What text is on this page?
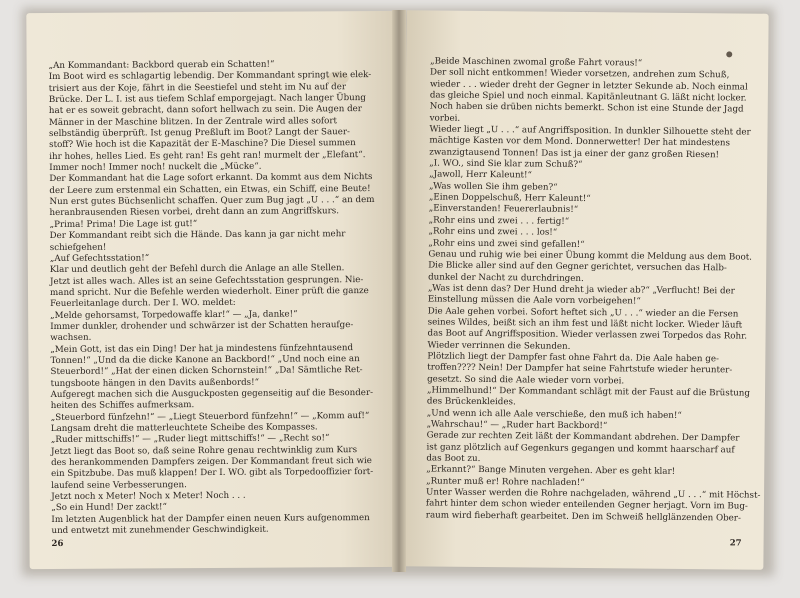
„An Kommandant: Backbord querab ein Schatten!“

Im Boot wird es schlagartig lebendig. Der Kommandant springt wie elek-

trisiert aus der Koje, fährt in die Seestiefel und steht im Nu auf der

Brücke. Der L. I. ist aus tiefem Schlaf emporgejagt. Nach langer Übung

hat er es soweit gebracht, dann sofort hellwach zu sein. Die Augen der

Männer in der Maschine blitzen. In der Zentrale wird alles sofort

selbständig überprüft. Ist genug Preßluft im Boot? Langt der Sauer-

stoff? Wie hoch ist die Kapazität der E-Maschine? Die Diesel summen

ihr hohes, helles Lied. Es geht ran! Es geht ran! murmelt der „Elefant“.

Immer noch! Immer noch! nuckelt die „Mücke“.

Der Kommandant hat die Lage sofort erkannt. Da kommt aus dem Nichts

der Leere zum erstenmal ein Schatten, ein Etwas, ein Schiff, eine Beute!

Nun erst gutes Büchsenlicht schaffen. Quer zum Bug jagt „U . . .“ an dem

heranbrausenden Riesen vorbei, dreht dann an zum Angriffskurs.

„Prima! Prima! Die Lage ist gut!“

Der Kommandant reibt sich die Hände. Das kann ja gar nicht mehr

schiefgehen!

„Auf Gefechtsstation!“

Klar und deutlich geht der Befehl durch die Anlage an alle Stellen.

Jetzt ist alles wach. Alles ist an seine Gefechtsstation gesprungen. Nie-

mand spricht. Nur die Befehle werden wiederholt. Einer prüft die ganze

Feuerleitanlage durch. Der I. WO. meldet:

„Melde gehorsamst, Torpedowaffe klar!“ — „Ja, danke!“

Immer dunkler, drohender und schwärzer ist der Schatten heraufge-

wachsen.

„Mein Gott, ist das ein Ding! Der hat ja mindestens fünfzehntausend

Tonnen!“ „Und da die dicke Kanone an Backbord!“ „Und noch eine an

Steuerbord!“ „Hat der einen dicken Schornstein!“ „Da! Sämtliche Ret-

tungsboote hängen in den Davits außenbords!“

Aufgeregt machen sich die Ausguckposten gegenseitig auf die Besonder-

heiten des Schiffes aufmerksam.

„Steuerbord fünfzehn!“ — „Liegt Steuerbord fünfzehn!“ — „Komm auf!“

Langsam dreht die matterleuchtete Scheibe des Kompasses.

„Ruder mittschiffs!“ — „Ruder liegt mittschiffs!“ — „Recht so!“

Jetzt liegt das Boot so, daß seine Rohre genau rechtwinklig zum Kurs

des herankommenden Dampfers zeigen. Der Kommandant freut sich wie

ein Spitzbube. Das muß klappen! Der I. WO. gibt als Torpedooffizier fort-

laufend seine Verbesserungen.

Jetzt noch x Meter! Noch x Meter! Noch . . .

„So ein Hund! Der zackt!“

Im letzten Augenblick hat der Dampfer einen neuen Kurs aufgenommen

und entwetzt mit zunehmender Geschwindigkeit.

26

„Beide Maschinen zwomal große Fahrt voraus!“

Der soll nicht entkommen! Wieder vorsetzen, andrehen zum Schuß,

wieder . . . wieder dreht der Gegner in letzter Sekunde ab. Noch einmal

das gleiche Spiel und noch einmal. Kapitänleutnant G. läßt nicht locker.

Noch haben sie drüben nichts bemerkt. Schon ist eine Stunde der Jagd

vorbei.

Wieder liegt „U . . .“ auf Angriffsposition. In dunkler Silhouette steht der

mächtige Kasten vor dem Mond. Donnerwetter! Der hat mindestens

zwanzigtausend Tonnen! Das ist ja einer der ganz großen Riesen!

„I. WO., sind Sie klar zum Schuß?“

„Jawoll, Herr Kaleunt!“

„Was wollen Sie ihm geben?“

„Einen Doppelschuß, Herr Kaleunt!“

„Einverstanden! Feuererlaubnis!“

„Rohr eins und zwei . . . fertig!“

„Rohr eins und zwei . . . los!“

„Rohr eins und zwei sind gefallen!“

Genau und ruhig wie bei einer Übung kommt die Meldung aus dem Boot.

Die Blicke aller sind auf den Gegner gerichtet, versuchen das Halb-

dunkel der Nacht zu durchdringen.

„Was ist denn das? Der Hund dreht ja wieder ab?“ „Verflucht! Bei der

Einstellung müssen die Aale vorn vorbeigehen!“

Die Aale gehen vorbei. Sofort heftet sich „U . . .“ wieder an die Fersen

seines Wildes, beißt sich an ihm fest und läßt nicht locker. Wieder läuft

das Boot auf Angriffsposition. Wieder verlassen zwei Torpedos das Rohr.

Wieder verrinnen die Sekunden.

Plötzlich liegt der Dampfer fast ohne Fahrt da. Die Aale haben ge-

troffen???? Nein! Der Dampfer hat seine Fahrtstufe wieder herunter-

gesetzt. So sind die Aale wieder vorn vorbei.

„Himmelhund!“ Der Kommandant schlägt mit der Faust auf die Brüstung

des Brückenkleides.

„Und wenn ich alle Aale verschieße, den muß ich haben!“

„Wahrschau!“ — „Ruder hart Backbord!“

Gerade zur rechten Zeit läßt der Kommandant abdrehen. Der Dampfer

ist ganz plötzlich auf Gegenkurs gegangen und kommt haarscharf auf

das Boot zu.

„Erkannt?“ Bange Minuten vergehen. Aber es geht klar!

„Runter muß er! Rohre nachladen!“

Unter Wasser werden die Rohre nachgeladen, während „U . . .“ mit Höchst-

fahrt hinter dem schon wieder enteilenden Gegner herjagt. Vorn im Bug-

raum wird fieberhaft gearbeitet. Den im Schweiß hellglänzenden Ober-

27
